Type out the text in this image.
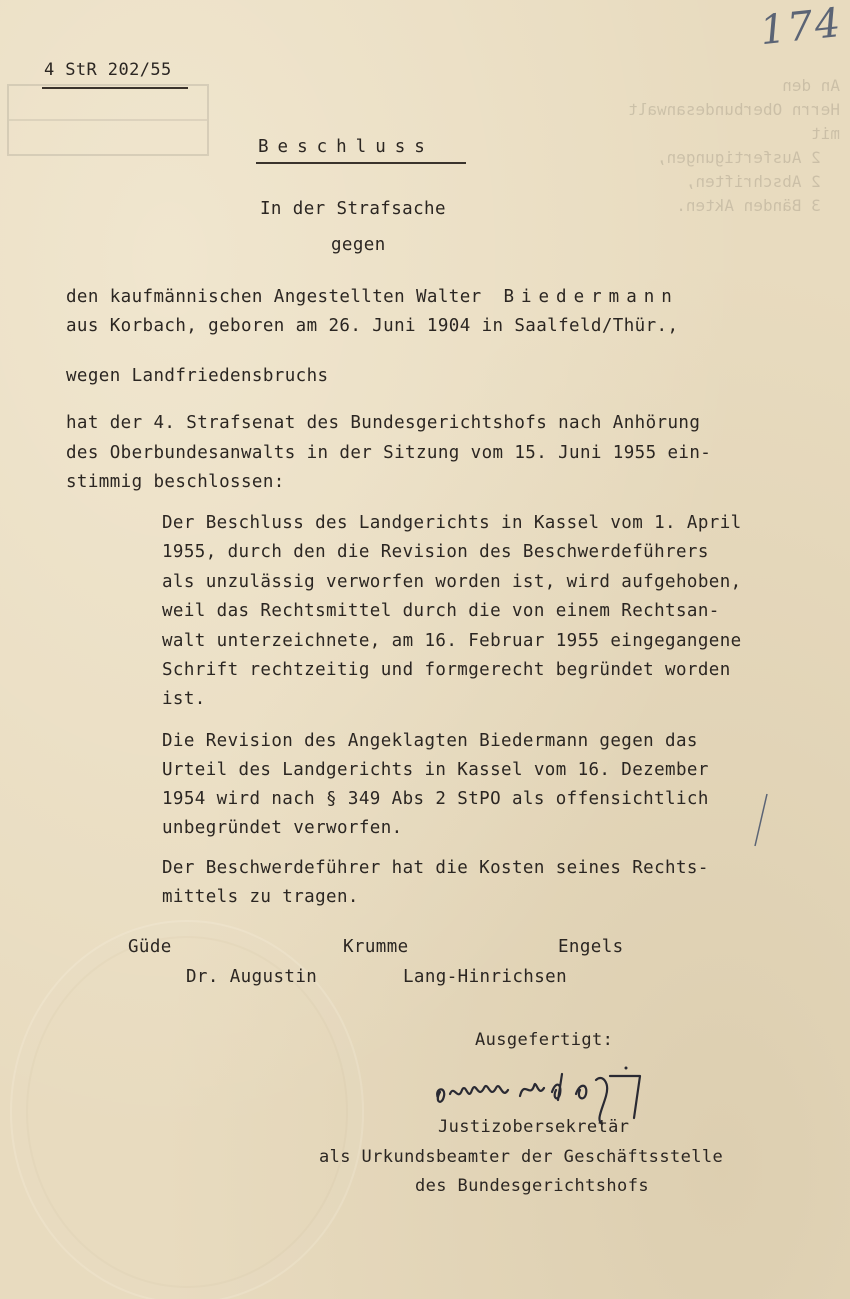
An den
Herrn Oberbundesanwalt
mit
2 Ausfertigungen,
2 Abschriften,
3 Bänden Akten.

4 StR 202/55
174
Beschluss
In der Strafsache
gegen
den kaufmännischen Angestellten Walter Biedermann
aus Korbach, geboren am 26. Juni 1904 in Saalfeld/Thür.,
wegen Landfriedensbruchs
hat der 4. Strafsenat des Bundesgerichtshofs nach Anhörung
des Oberbundesanwalts in der Sitzung vom 15. Juni 1955 ein-
stimmig beschlossen:
Der Beschluss des Landgerichts in Kassel vom 1. April
1955, durch den die Revision des Beschwerdeführers
als unzulässig verworfen worden ist, wird aufgehoben,
weil das Rechtsmittel durch die von einem Rechtsan-
walt unterzeichnete, am 16. Februar 1955 eingegangene
Schrift rechtzeitig und formgerecht begründet worden
ist.
Die Revision des Angeklagten Biedermann gegen das
Urteil des Landgerichts in Kassel vom 16. Dezember
1954 wird nach § 349 Abs 2 StPO als offensichtlich
unbegründet verworfen.
Der Beschwerdeführer hat die Kosten seines Rechts-
mittels zu tragen.
Güde	Krumme	Engels
Dr. Augustin	Lang-Hinrichsen
Ausgefertigt:
Justizobersekretär
als Urkundsbeamter der Geschäftsstelle
des Bundesgerichtshofs
